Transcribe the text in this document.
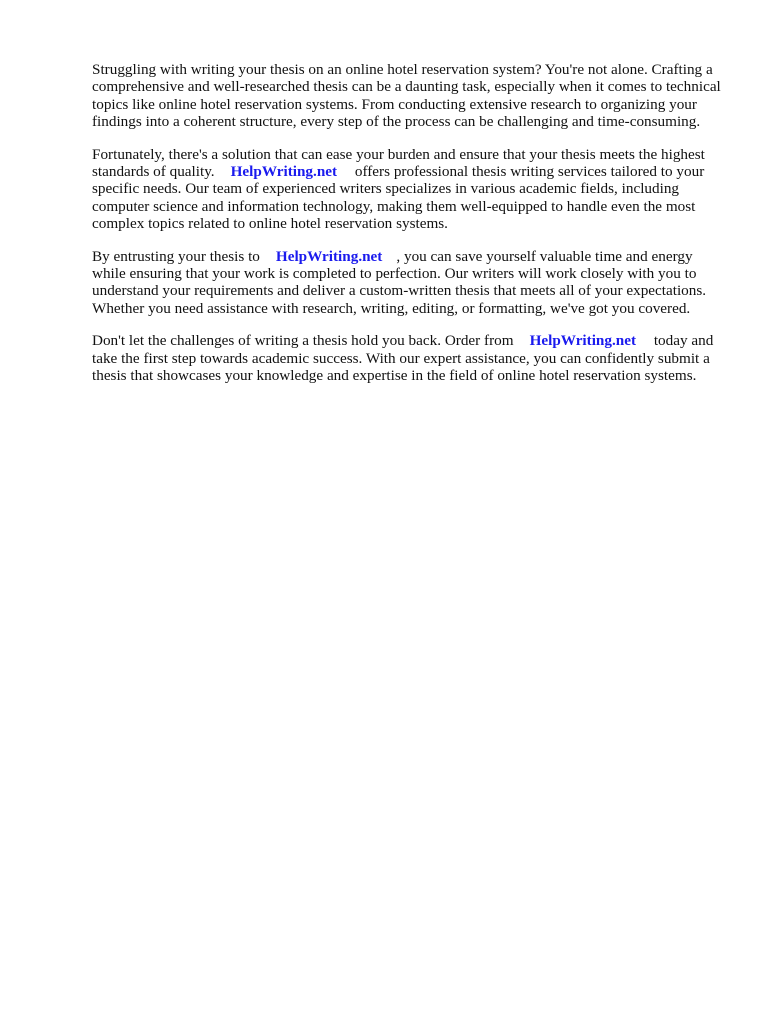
Struggling with writing your thesis on an online hotel reservation system? You're not alone. Crafting a comprehensive and well-researched thesis can be a daunting task, especially when it comes to technical topics like online hotel reservation systems. From conducting extensive research to organizing your findings into a coherent structure, every step of the process can be challenging and time-consuming.

Fortunately, there's a solution that can ease your burden and ensure that your thesis meets the highest standards of quality. HelpWriting.net offers professional thesis writing services tailored to your specific needs. Our team of experienced writers specializes in various academic fields, including computer science and information technology, making them well-equipped to handle even the most complex topics related to online hotel reservation systems.

By entrusting your thesis to HelpWriting.net , you can save yourself valuable time and energy while ensuring that your work is completed to perfection. Our writers will work closely with you to understand your requirements and deliver a custom-written thesis that meets all of your expectations. Whether you need assistance with research, writing, editing, or formatting, we've got you covered.

Don't let the challenges of writing a thesis hold you back. Order from HelpWriting.net today and take the first step towards academic success. With our expert assistance, you can confidently submit a thesis that showcases your knowledge and expertise in the field of online hotel reservation systems.
